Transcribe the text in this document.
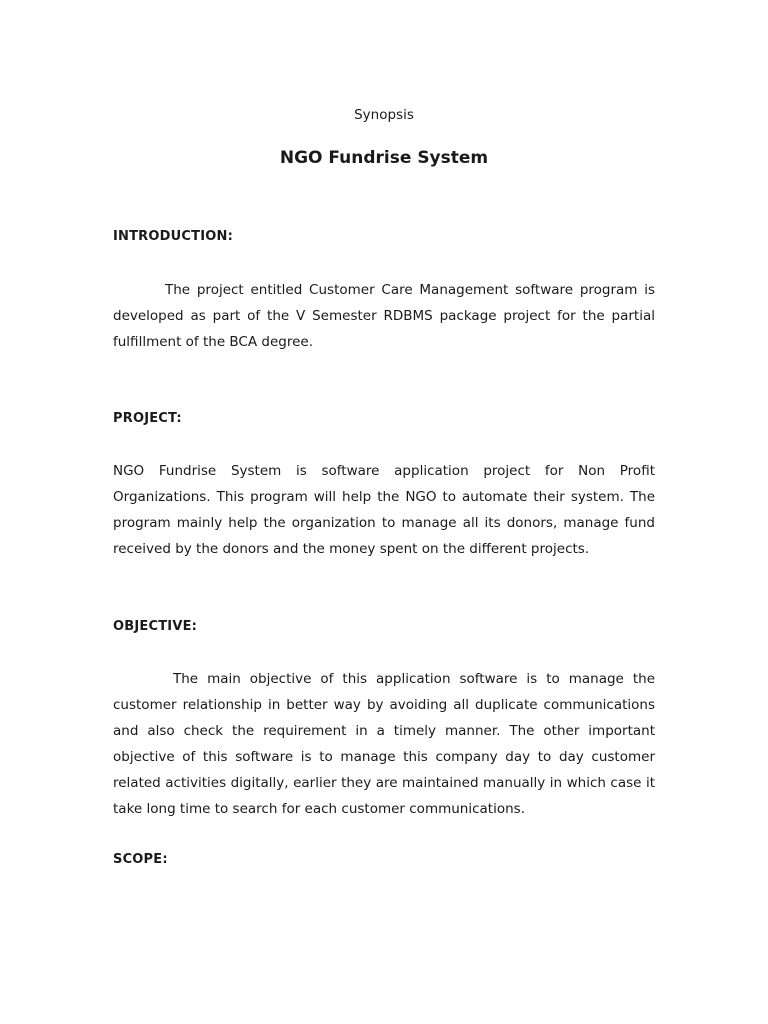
Synopsis
NGO Fundrise System
INTRODUCTION:
The project entitled Customer Care Management software program is developed as part of the V Semester RDBMS package project for the partial fulfillment of the BCA degree.
PROJECT:
NGO Fundrise System is software application project for Non Profit Organizations. This program will help the NGO to automate their system. The program mainly help the organization to manage all its donors, manage fund received by the donors and the money spent on the different projects.
OBJECTIVE:
The main objective of this application software is to manage the customer relationship in better way by avoiding all duplicate communications and also check the requirement in a timely manner. The other important objective of this software is to manage this company day to day customer related activities digitally, earlier they are maintained manually in which case it take long time to search for each customer communications.
SCOPE:
